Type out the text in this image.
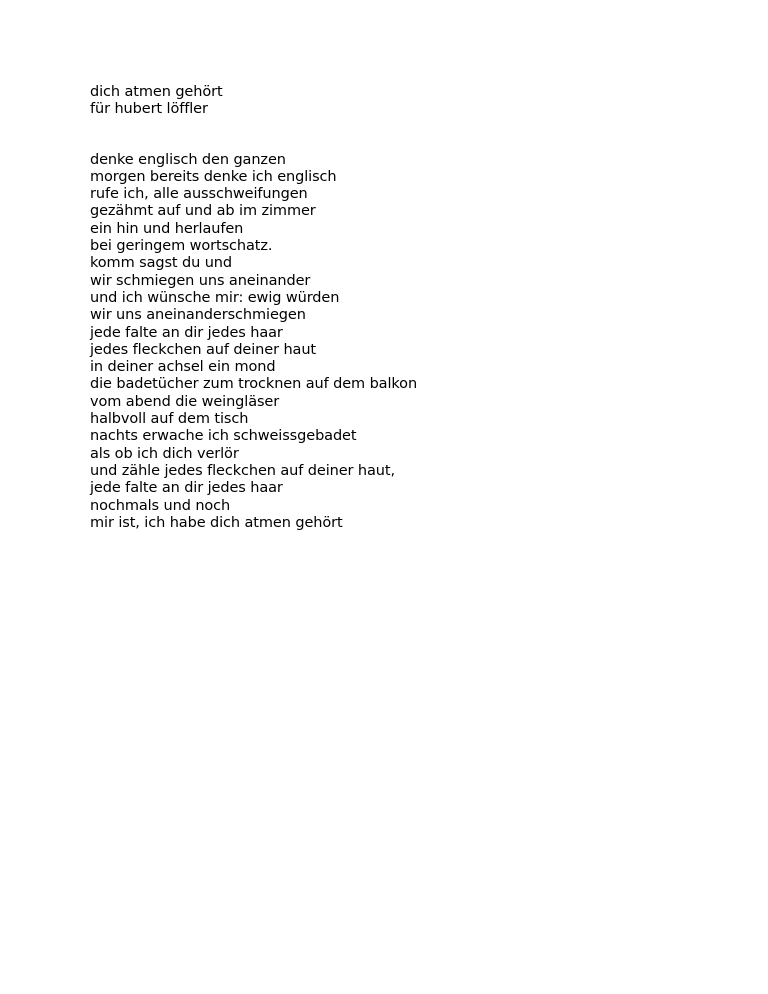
dich atmen gehört
für hubert löffler
denke englisch den ganzen
morgen bereits denke ich englisch
rufe ich, alle ausschweifungen
gezähmt auf und ab im zimmer
ein hin und herlaufen
bei geringem wortschatz.
komm sagst du und
wir schmiegen uns aneinander
und ich wünsche mir: ewig würden
wir uns aneinanderschmiegen
jede falte an dir jedes haar
jedes fleckchen auf deiner haut
in deiner achsel ein mond
die badetücher zum trocknen auf dem balkon
vom abend die weingläser
halbvoll auf dem tisch
nachts erwache ich schweissgebadet
als ob ich dich verlör
und zähle jedes fleckchen auf deiner haut,
jede falte an dir jedes haar
nochmals und noch
mir ist, ich habe dich atmen gehört
